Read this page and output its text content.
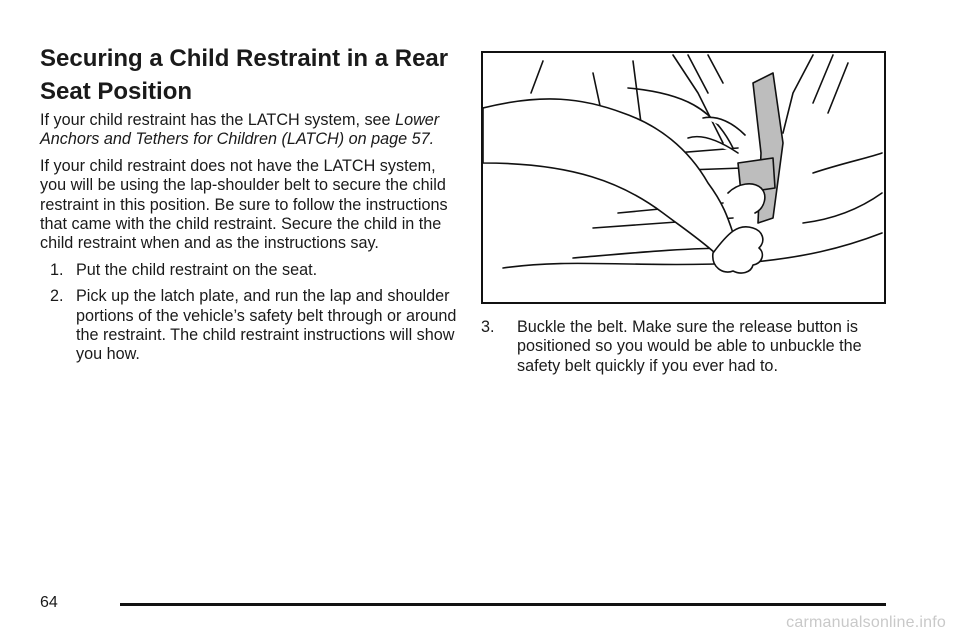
Securing a Child Restraint in a Rear Seat Position

If your child restraint has the LATCH system, see Lower Anchors and Tethers for Children (LATCH) on page 57.

If your child restraint does not have the LATCH system, you will be using the lap-shoulder belt to secure the child restraint in this position. Be sure to follow the instructions that came with the child restraint. Secure the child in the child restraint when and as the instructions say.

1. Put the child restraint on the seat.
2. Pick up the latch plate, and run the lap and shoulder portions of the vehicle’s safety belt through or around the restraint. The child restraint instructions will show you how.
3. Buckle the belt. Make sure the release button is positioned so you would be able to unbuckle the safety belt quickly if you ever had to.
64
carmanualsonline.info
